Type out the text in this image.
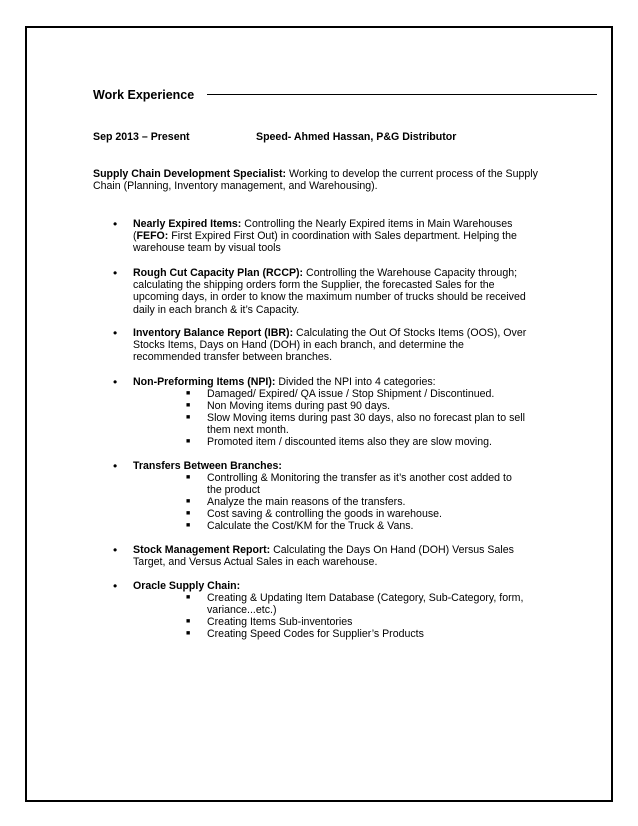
Work Experience
Sep 2013 – Present	Speed- Ahmed Hassan, P&G Distributor
Supply Chain Development Specialist: Working to develop the current process of the Supply Chain (Planning, Inventory management, and Warehousing).
• Nearly Expired Items: Controlling the Nearly Expired items in Main Warehouses (FEFO: First Expired First Out) in coordination with Sales department. Helping the warehouse team by visual tools
• Rough Cut Capacity Plan (RCCP): Controlling the Warehouse Capacity through; calculating the shipping orders form the Supplier, the forecasted Sales for the upcoming days, in order to know the maximum number of trucks should be received daily in each branch & it’s Capacity.
• Inventory Balance Report (IBR): Calculating the Out Of Stocks Items (OOS), Over Stocks Items, Days on Hand (DOH) in each branch, and determine the recommended transfer between branches.
• Non-Preforming Items (NPI): Divided the NPI into 4 categories:
■ Damaged/ Expired/ QA issue / Stop Shipment / Discontinued.
■ Non Moving items during past 90 days.
■ Slow Moving items during past 30 days, also no forecast plan to sell them next month.
■ Promoted item / discounted items also they are slow moving.
• Transfers Between Branches:
■ Controlling & Monitoring the transfer as it’s another cost added to the product
■ Analyze the main reasons of the transfers.
■ Cost saving & controlling the goods in warehouse.
■ Calculate the Cost/KM for the Truck & Vans.
• Stock Management Report: Calculating the Days On Hand (DOH) Versus Sales Target, and Versus Actual Sales in each warehouse.
• Oracle Supply Chain:
■ Creating & Updating Item Database (Category, Sub-Category, form, variance...etc.)
■ Creating Items Sub-inventories
■ Creating Speed Codes for Supplier’s Products
